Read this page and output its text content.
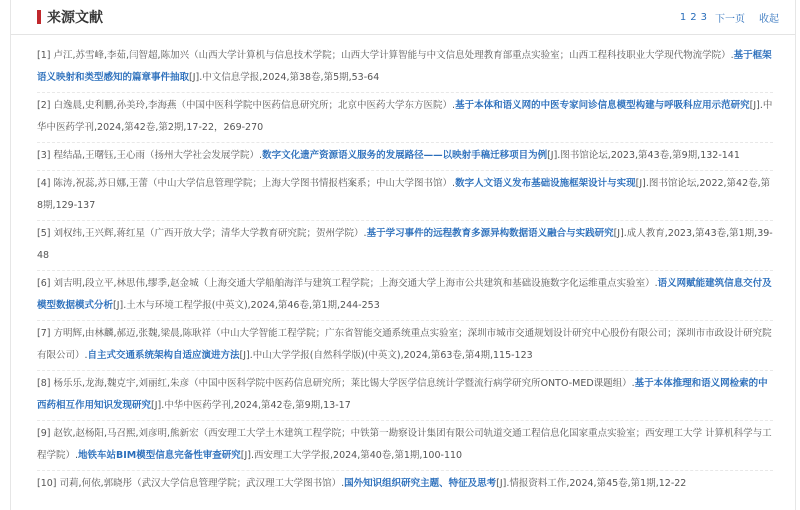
来源文献	1 2 3 下一页 收起
[1] 卢江,苏雪峰,李茹,闫智超,陈加兴（山西大学计算机与信息技术学院；山西大学计算智能与中文信息处理教育部重点实验室；山西工程科技职业大学现代物流学院）.基于框架语义映射和类型感知的篇章事件抽取[J].中文信息学报,2024,第38卷,第5期,53-64
[2] 白逸晨,史利鹏,孙美玲,李海燕（中国中医科学院中医药信息研究所；北京中医药大学东方医院）.基于本体和语义网的中医专家问诊信息模型构建与呼吸科应用示范研究[J].中华中医药学刊,2024,第42卷,第2期,17-22，269-270
[3] 程结晶,王曙钰,王心雨（扬州大学社会发展学院）.数字文化遗产资源语义服务的发展路径——以映射手稿迁移项目为例[J].图书馆论坛,2023,第43卷,第9期,132-141
[4] 陈涛,祝蕊,苏日娜,王蕾（中山大学信息管理学院；上海大学图书情报档案系；中山大学图书馆）.数字人文语义发布基础设施框架设计与实现[J].图书馆论坛,2022,第42卷,第8期,129-137
[5] 刘权纬,王兴辉,蒋红星（广西开放大学；清华大学教育研究院；贺州学院）.基于学习事件的远程教育多源异构数据语义融合与实践研究[J].成人教育,2023,第43卷,第1期,39-48
[6] 刘吉明,段立平,林思伟,缪季,赵金城（上海交通大学船舶海洋与建筑工程学院；上海交通大学上海市公共建筑和基础设施数字化运维重点实验室）.语义网赋能建筑信息交付及模型数据模式分析[J].土木与环境工程学报(中英文),2024,第46卷,第1期,244-253
[7] 方明辉,由林麟,郝迈,张魏,梁晨,陈耿祥（中山大学智能工程学院；广东省智能交通系统重点实验室；深圳市城市交通规划设计研究中心股份有限公司；深圳市市政设计研究院有限公司）.自主式交通系统架构自适应演进方法[J].中山大学学报(自然科学版)(中英文),2024,第63卷,第4期,115-123
[8] 杨乐乐,龙海,魏克宇,刘丽红,朱彦（中国中医科学院中医药信息研究所；莱比锡大学医学信息统计学暨流行病学研究所ONTO-MED课题组）.基于本体推理和语义网检索的中西药相互作用知识发现研究[J].中华中医药学刊,2024,第42卷,第9期,13-17
[9] 赵钦,赵杨阳,马召熙,刘彦明,熊新宏（西安理工大学土木建筑工程学院；中铁第一勘察设计集团有限公司轨道交通工程信息化国家重点实验室；西安理工大学 计算机科学与工程学院）.地铁车站BIM模型信息完备性审查研究[J].西安理工大学学报,2024,第40卷,第1期,100-110
[10] 司莉,何依,郭晓彤（武汉大学信息管理学院；武汉理工大学图书馆）.国外知识组织研究主题、特征及思考[J].情报资料工作,2024,第45卷,第1期,12-22
